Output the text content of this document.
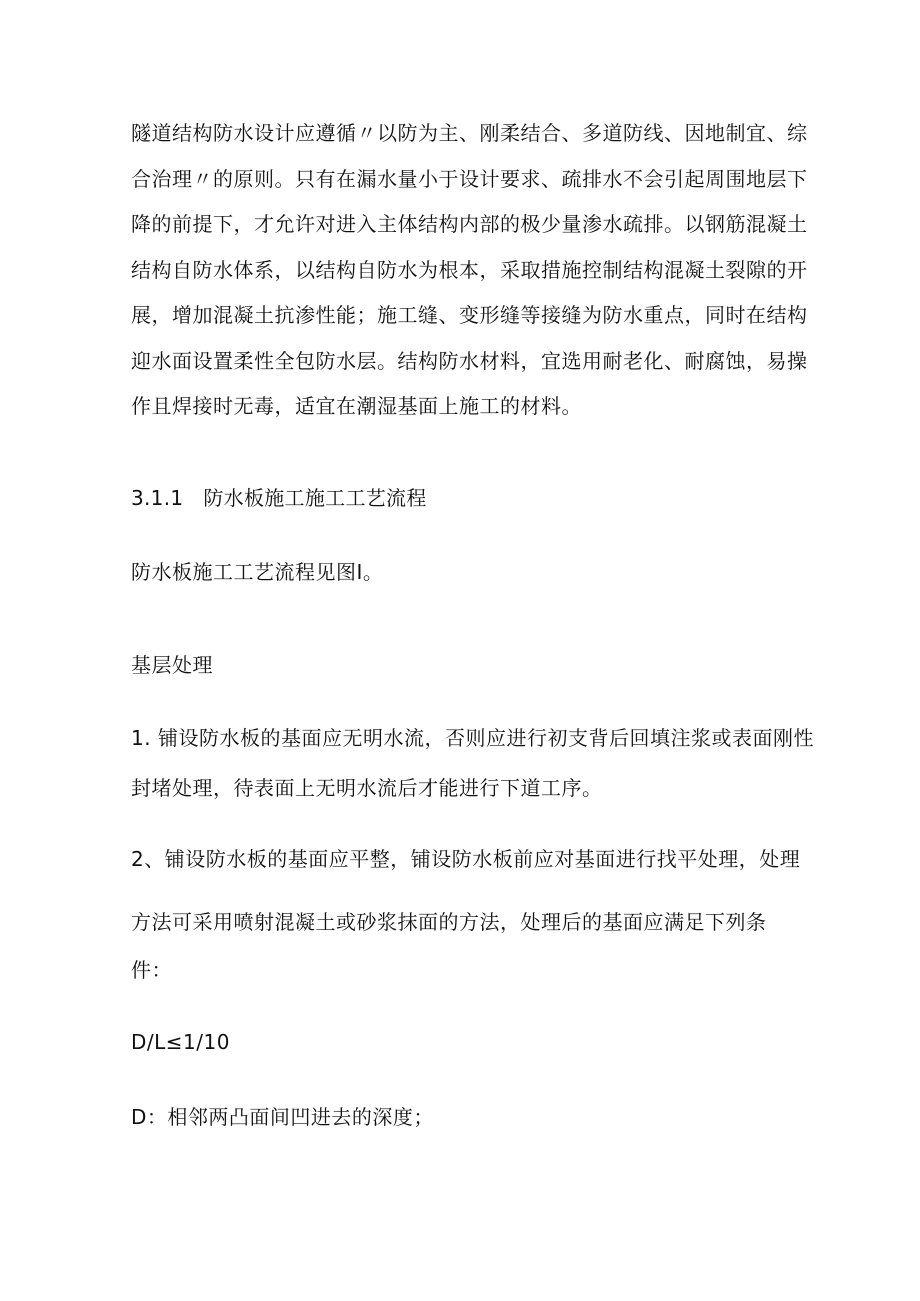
隧道结构防水设计应遵循〃以防为主、刚柔结合、多道防线、因地制宜、综
合治理〃的原则。只有在漏水量小于设计要求、疏排水不会引起周围地层下
降的前提下，才允许对进入主体结构内部的极少量渗水疏排。以钢筋混凝土
结构自防水体系，以结构自防水为根本，采取措施控制结构混凝土裂隙的开
展，增加混凝土抗渗性能；施工缝、变形缝等接缝为防水重点，同时在结构
迎水面设置柔性全包防水层。结构防水材料，宜选用耐老化、耐腐蚀，易操
作且焊接时无毒，适宜在潮湿基面上施工的材料。
3.1.1   防水板施工施工工艺流程
防水板施工工艺流程见图I。
基层处理
1. 铺设防水板的基面应无明水流，否则应进行初支背后回填注浆或表面刚性
封堵处理，待表面上无明水流后才能进行下道工序。
2、铺设防水板的基面应平整，铺设防水板前应对基面进行找平处理，处理
方法可采用喷射混凝土或砂浆抹面的方法，处理后的基面应满足下列条
件：
D/L≤1/10
D：相邻两凸面间凹进去的深度；
